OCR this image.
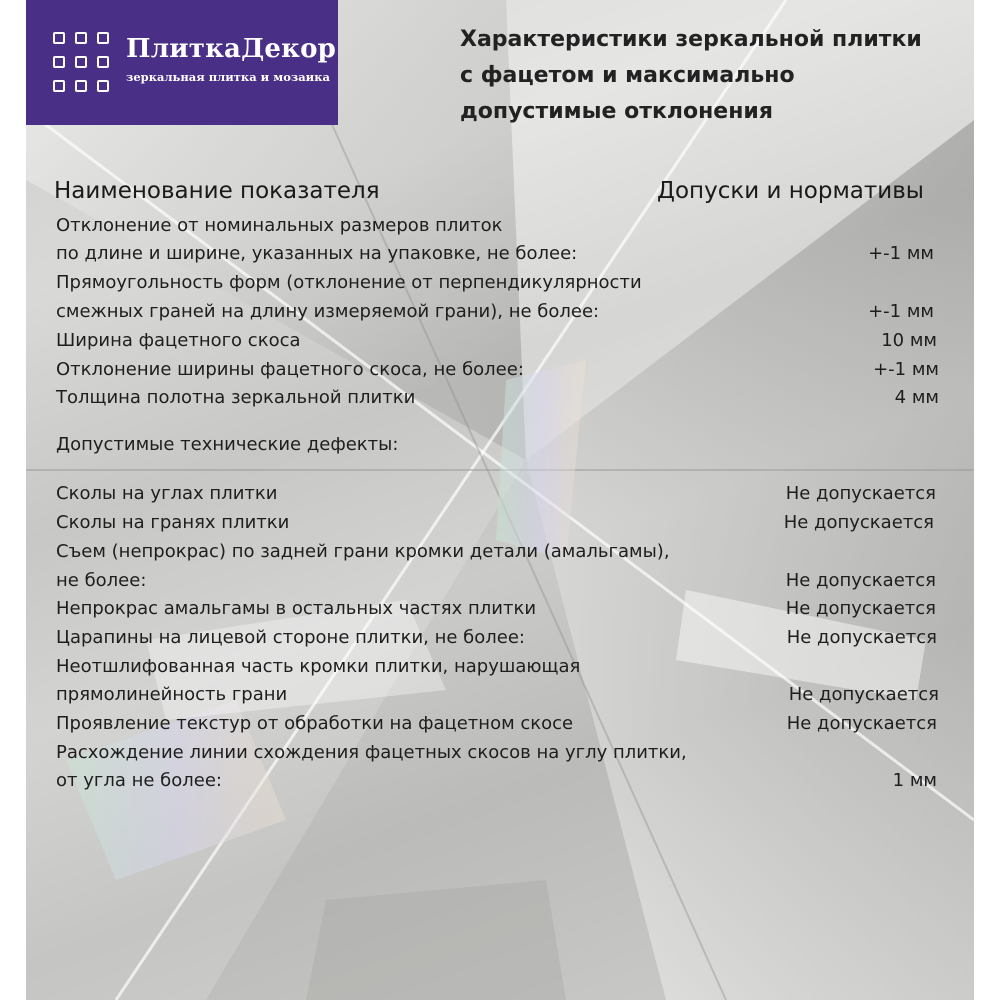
ПлиткаДекор
зеркальная плитка и мозаика
Характеристики зеркальной плитки
с фацетом и максимально
допустимые отклонения
Наименование показателя	Допуски и нормативы
Отклонение от номинальных размеров плиток
по длине и ширине, указанных на упаковке, не более:	+-1 мм
Прямоугольность форм (отклонение от перпендикулярности
смежных граней на длину измеряемой грани), не более:	+-1 мм
Ширина фацетного скоса	10 мм
Отклонение ширины фацетного скоса, не более:	+-1 мм
Толщина полотна зеркальной плитки	4 мм
Допустимые технические дефекты:
Сколы на углах плитки	Не допускается
Сколы на гранях плитки	Не допускается
Съем (непрокрас) по задней грани кромки детали (амальгамы),
не более:	Не допускается
Непрокрас амальгамы в остальных частях плитки	Не допускается
Царапины на лицевой стороне плитки, не более:	Не допускается
Неотшлифованная часть кромки плитки, нарушающая
прямолинейность грани	Не допускается
Проявление текстур от обработки на фацетном скосе	Не допускается
Расхождение линии схождения фацетных скосов на углу плитки,
от угла не более:	1 мм
